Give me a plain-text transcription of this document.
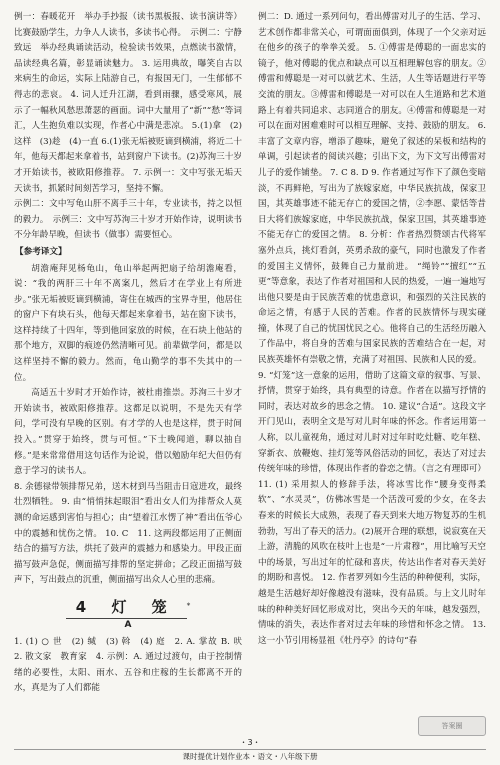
例一：春暖花开　举办手抄报（读书黑板报、读书演讲等）比赛鼓励学生，力争人人读书，多读书心得。　示例二：宁静致远　举办经典诵读活动，检验读书效果，点燃读书激情，品读经典名篇，彰显诵读魅力。 3. 运用典故，曝笑自古以来病生的命运，实际上陆游自己，有报国无门，一生郁郁不得志的悲哀。 4. 词人迁升江湖，看到雨骤，感受寒风，展示了一幅秋风愁思萧瑟的画面。词中大量用了“新”“愁”等词汇，人生抱负难以实现，作者心中满是悲凉。 5.(1)拿　(2)这样　(3)趁　(4)一直 6.(1)张无垢被贬谪到横浦，将近二十年，他每天都起来拿着书，站到窗户下读书。(2)苏洵三十岁才开始读书，被欧阳修推荐。 7. 示例一：文中写张无垢天天读书，抓紧时间刻苦学习，坚持不懈。

示例二：文中写龟山肝不离手三十年，专业读书，持之以恒的毅力。　示例三：文中写苏洵三十岁才开始作诗，说明读书不分年龄早晚，但读书（做事）需要恒心。

【参考译文】

胡澹庵拜见杨龟山，龟山举起两把扇子给胡澹庵看，说：“我的两肝三十年不离案几，然后才在学业上有所进步。”张无垢被贬谪到横浦，寄住在城西的宝界寺里，他居住的窗户下有块石头，他每天都起来拿着书，站在窗下读书，这样持续了十四年，等到他回家放的时候，在石块上他站的那个地方，双脚的痕迹仍然清晰可见。前辈做学问，都是以这样坚持不懈的毅力。然而，龟山勤学的事不失其中的一位。

高适五十岁时才开始作诗，被杜甫推崇。苏洵三十岁才开始读书，被欧阳修推荐。这都足以说明，不是先天有学问，学可没有早晚的区别。有才学的人也是这样，贯于时间投入。”贯穿于始终，贯与可恒。”下士晚闻道，聊以抽自修。”是来常常借用这句话作为论说，借以勉励年纪大但仍有意于学习的读书人。

8. 余德禄带领排帮兄弟，送木材到马当阻击日寇进攻，最终壮烈牺牲。 9. 由“悄悄抹起眼泪”看出女人们为排帮众人莫测的命运感到害怕与担心；由“望着江水愣了神”看出伍爷心中的震撼和忧伤之情。 10. C　11. 这两段都运用了正侧面结合的描写方法，烘托了鼓声的震撼力和感染力。甲段正面描写鼓声急促，侧面描写排帮的坚定拼命；乙段正面描写鼓声下，写出鼓点的沉重，侧面描写出众人心里的悲痛。

4 灯 笼 *
A

1. (1) ○ 世　(2) 缄　(3) 斡　(4) 庭　2. A. 掌故 B. 吠　2. 散文家　教育家　4. 示例：A. 通过过渡句，由于控制情绪的必要性，太阳、雨水、五谷和庄稼的生长都离不开的水，真是为了人们都能

例二：D. 通过一系列问句，看出傅雷对儿子的生活、学习、艺术创作都非常关心，可谓面面俱到，体现了一个父亲对远在他乡的孩子的拳拳关爱。 5. ①傅雷是傅聪的一面忠实的镜子，他对傅聪的优点和缺点可以互相理解包容的朋友。②傅雷和傅聪是一对可以就艺术、生活，人生等话题进行平等交流的朋友。③傅雷和傅聪是一对可以在人生道路和艺术道路上有着共同追求、志同道合的朋友。④傅雷和傅聪是一对可以在面对困难难时可以相互理解、支持、鼓励的朋友。 6. 丰富了文章内容，增添了趣味，避免了叙述的呆板和结构的单调，引起读者的阅读兴趣；引出下文，为下文写出傅雷对儿子的爱作铺垫。 7. C 8. D 9. 作者通过写作下了颜色变暗淡，不再鲜艳，写出为了族嫁家庭，中华民族抗战，保家卫国，其英雄事迹不能无存亡的爱国之情，②李愿、蒙恬等昔日大将们族嫁家庭，中华民族抗战，保家卫国，其英雄事迹不能无存亡的爱国之情。 8. 分析：作者热烈赞颂古代将军塞外点兵，挑灯看剑，英勇杀敌的豪气，同时也激发了作者的爱国主义情怀，鼓舞自己力量前进。 “绳铃”“擅红”“五更”等意象，表达了作者对祖国和人民的热爱，一遍一遍地写出他只要是由于民族苦难的忧患意识，和强烈的关注民族的命运之情，有感于人民的苦难。作者的民族情怀与现实碰撞，体现了自己的忧国忧民之心。他将自己的生活经历融入了作品中，将自身的苦难与国家民族的苦难结合在一起，对民族英雄怀有崇敬之情，充满了对祖国、民族和人民的爱。

9. “灯笼”这一意象的运用，借助了这篇文章的叙事、写景、抒情，贯穿于始终，具有典型的诗意。作者在以描写抒情的同时，表达对故乡的思念之情。 10. 建议“合适”。这段文字开门见山，表明全文是写对儿时年味的怀念。作者运用第一人称，以儿童视角，通过对儿时对过年时吃灶糖、吃年糕、穿新衣、放鞭炮、挂灯笼等风俗活动的回忆，表达了对过去传统年味的珍惜，体现出作者的眷恋之情。（言之有理即可） 11. (1) 采用拟人的修辞手法，将冰雪比作“腰身变得柔软”、“水灵灵”，仿佛冰雪是一个活泼可爱的少女，在冬去春来的时候长大成熟，表现了春天到来大地万物复苏的生机勃勃，写出了春天的活力。(2)展开合理的联想，说寂寞在天上游，清脆的风吹在枝叶上也是“一片肃穆”，用比喻写天空中的场景，写出过年的忙碌和喜庆，传达出作者对春天美好的期盼和喜悦。 12. 作者罗列如今生活的种种便利，实际，越是生活越好却好像越没有滋味，没有品质。与上文儿时年味的种种美好回忆形成对比，突出今天的年味，越发强烈，情味的消失，表达作者对过去年味的珍惜和怀念之情。 13. 这一小节引用杨显祖《牡丹亭》的诗句“春

答案圈
・3・
课时提优计划作业本・语文・八年级下册
